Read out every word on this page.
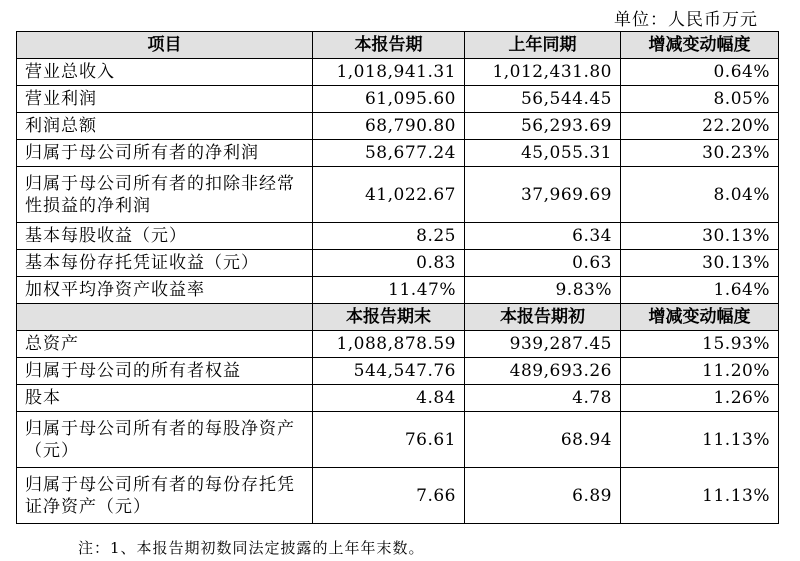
单位：人民币万元
项目	本报告期	上年同期	增减变动幅度
营业总收入	1,018,941.31	1,012,431.80	0.64%
营业利润	61,095.60	56,544.45	8.05%
利润总额	68,790.80	56,293.69	22.20%
归属于母公司所有者的净利润	58,677.24	45,055.31	30.23%
归属于母公司所有者的扣除非经常性损益的净利润	41,022.67	37,969.69	8.04%
基本每股收益（元）	8.25	6.34	30.13%
基本每份存托凭证收益（元）	0.83	0.63	30.13%
加权平均净资产收益率	11.47%	9.83%	1.64%
	本报告期末	本报告期初	增减变动幅度
总资产	1,088,878.59	939,287.45	15.93%
归属于母公司的所有者权益	544,547.76	489,693.26	11.20%
股本	4.84	4.78	1.26%
归属于母公司所有者的每股净资产（元）	76.61	68.94	11.13%
归属于母公司所有者的每份存托凭证净资产（元）	7.66	6.89	11.13%
注：1、本报告期初数同法定披露的上年年末数。
